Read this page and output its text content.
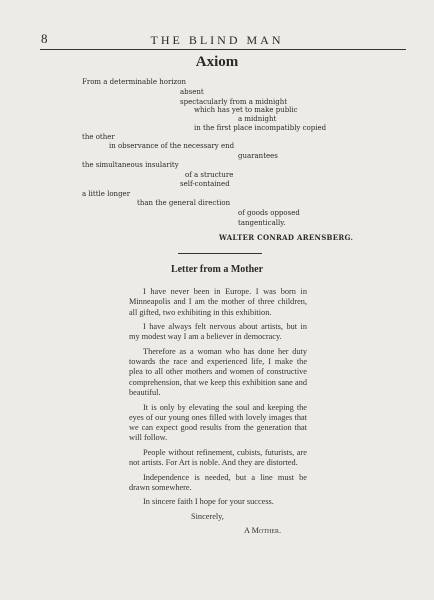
8	THE BLIND MAN
Axiom
From a determinable horizon
absent
spectacularly from a midnight
which has yet to make public
a midnight
in the first place incompatibly copied
the other
in observance of the necessary end
guarantees
the simultaneous insularity
of a structure
self-contained
a little longer
than the general direction
of goods opposed
tangentically.
WALTER CONRAD ARENSBERG.
Letter from a Mother

I have never been in Europe. I was born in Minneapolis and I am the mother of three children, all gifted, two exhibiting in this exhibition.

I have always felt nervous about artists, but in my modest way I am a believer in democracy.

Therefore as a woman who has done her duty towards the race and experienced life, I make the plea to all other mothers and women of constructive comprehension, that we keep this exhibition sane and beautiful.

It is only by elevating the soul and keeping the eyes of our young ones filled with lovely images that we can expect good results from the generation that will follow.

People without refinement, cubists, futurists, are not artists. For Art is noble. And they are distorted.

Independence is needed, but a line must be drawn somewhere.

In sincere faith I hope for your success.

Sincerely,

A Mother.
